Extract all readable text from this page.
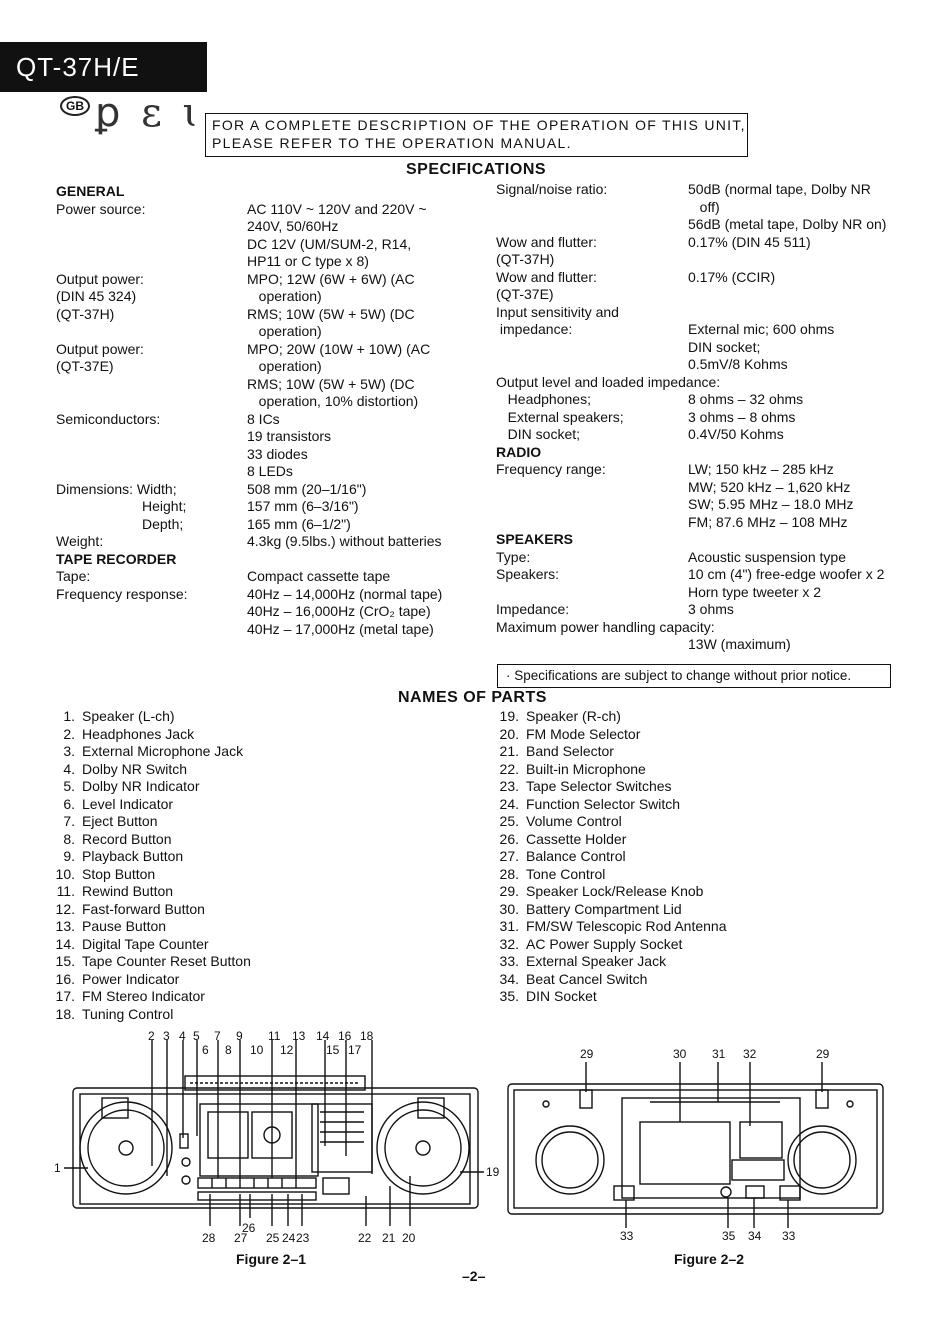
QT-37H/E
GB ꝑ ɛ ɩ FOR A COMPLETE DESCRIPTION OF THE OPERATION OF THIS UNIT,
PLEASE REFER TO THE OPERATION MANUAL.
SPECIFICATIONS
GENERAL
Power source:	AC 110V ~ 120V and 220V ~
240V, 50/60Hz
DC 12V (UM/SUM-2, R14,
HP11 or C type x 8)
Output power:	MPO; 12W (6W + 6W) (AC
(DIN 45 324)	operation)
(QT-37H)	RMS; 10W (5W + 5W) (DC
operation)
Output power:	MPO; 20W (10W + 10W) (AC
(QT-37E)	operation)
RMS; 10W (5W + 5W) (DC
operation, 10% distortion)
Semiconductors:	8 ICs
19 transistors
33 diodes
8 LEDs
Dimensions: Width;	508 mm (20–1/16")
Height;	157 mm (6–3/16")
Depth;	165 mm (6–1/2")
Weight:	4.3kg (9.5lbs.) without batteries
TAPE RECORDER
Tape:	Compact cassette tape
Frequency response:	40Hz – 14,000Hz (normal tape)
40Hz – 16,000Hz (CrO₂ tape)
40Hz – 17,000Hz (metal tape)
Signal/noise ratio:	50dB (normal tape, Dolby NR
off)
56dB (metal tape, Dolby NR on)
Wow and flutter:	0.17% (DIN 45 511)
(QT-37H)
Wow and flutter:	0.17% (CCIR)
(QT-37E)
Input sensitivity and
impedance:	External mic; 600 ohms
DIN socket;
0.5mV/8 Kohms
Output level and loaded impedance:
Headphones;	8 ohms – 32 ohms
External speakers;	3 ohms – 8 ohms
DIN socket;	0.4V/50 Kohms
RADIO
Frequency range:	LW; 150 kHz – 285 kHz
MW; 520 kHz – 1,620 kHz
SW; 5.95 MHz – 18.0 MHz
FM; 87.6 MHz – 108 MHz
SPEAKERS
Type:	Acoustic suspension type
Speakers:	10 cm (4") free-edge woofer x 2
Horn type tweeter x 2
Impedance:	3 ohms
Maximum power handling capacity:
13W (maximum)
· Specifications are subject to change without prior notice.
NAMES OF PARTS
1. Speaker (L-ch)
2. Headphones Jack
3. External Microphone Jack
4. Dolby NR Switch
5. Dolby NR Indicator
6. Level Indicator
7. Eject Button
8. Record Button
9. Playback Button
10. Stop Button
11. Rewind Button
12. Fast-forward Button
13. Pause Button
14. Digital Tape Counter
15. Tape Counter Reset Button
16. Power Indicator
17. FM Stereo Indicator
18. Tuning Control
19. Speaker (R-ch)
20. FM Mode Selector
21. Band Selector
22. Built-in Microphone
23. Tape Selector Switches
24. Function Selector Switch
25. Volume Control
26. Cassette Holder
27. Balance Control
28. Tone Control
29. Speaker Lock/Release Knob
30. Battery Compartment Lid
31. FM/SW Telescopic Rod Antenna
32. AC Power Supply Socket
33. External Speaker Jack
34. Beat Cancel Switch
35. DIN Socket
2 3 4 5 7 9 11 13 14 16 18
6 8 10 12	15 17
1	19
28 27
26
25 24 23	22 21 20
Figure 2–1
29	30 31 32	29
33	35 34 33
Figure 2–2
–2–
